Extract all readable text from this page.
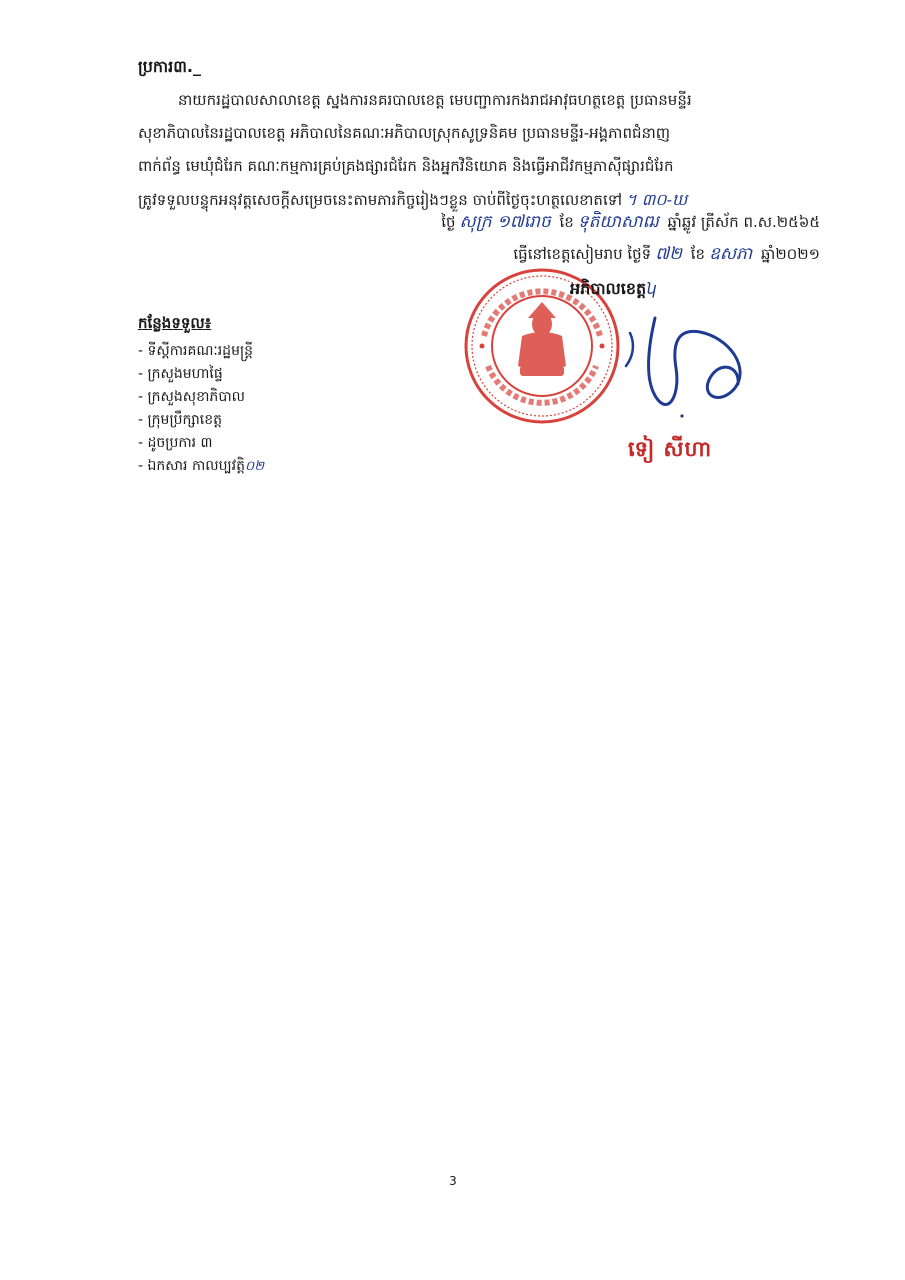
ប្រការ៣._
នាយករដ្ឋបាលសាលាខេត្ត ស្នងការនគរបាលខេត្ត មេបញ្ជាការកងរាជអាវុធហត្ថខេត្ត ប្រធានមន្ទីរ
សុខាភិបាលនៃរដ្ឋបាលខេត្ត អភិបាលនៃគណៈអភិបាលស្រុកសូទ្រនិគម ប្រធានមន្ទីរ-អង្គភាពជំនាញ
ពាក់ព័ន្ធ មេឃុំជំរែក គណៈកម្មការគ្រប់គ្រងផ្សារជំរែក និងអ្នកវិនិយោគ និងធ្វើអាជីវកម្មភាសុីផ្សារជំរែក
ត្រូវទទួលបន្ទុកអនុវត្តសេចក្តីសម្រេចនេះតាមភារកិច្ចរៀងៗខ្លួន ចាប់ពីថ្ងៃចុះហត្ថលេខាតទៅ ។ ៣០-ឃ
ថ្ងៃ សុក្រ ១៧រោច ខែ ទុតិយាសាឍ ឆ្នាំឆ្លូវ ត្រីស័ក ព.ស.២៥៦៥
ធ្វើនៅខេត្តសៀមរាប ថ្ងៃទី ៧២ ខែ ឧសភា ឆ្នាំ២០២១
អភិបាលខេត្តʮ
ទៀ សីហា
កន្លែងទទួល៖
- ទីស្តីការគណៈរដ្ឋមន្ត្រី
- ក្រសួងមហាផ្ទៃ
- ក្រសួងសុខាភិបាល
- ក្រុមប្រឹក្សាខេត្ត
- ដូចប្រការ ៣
- ឯកសារ កាលប្បវត្តិ០២
3
